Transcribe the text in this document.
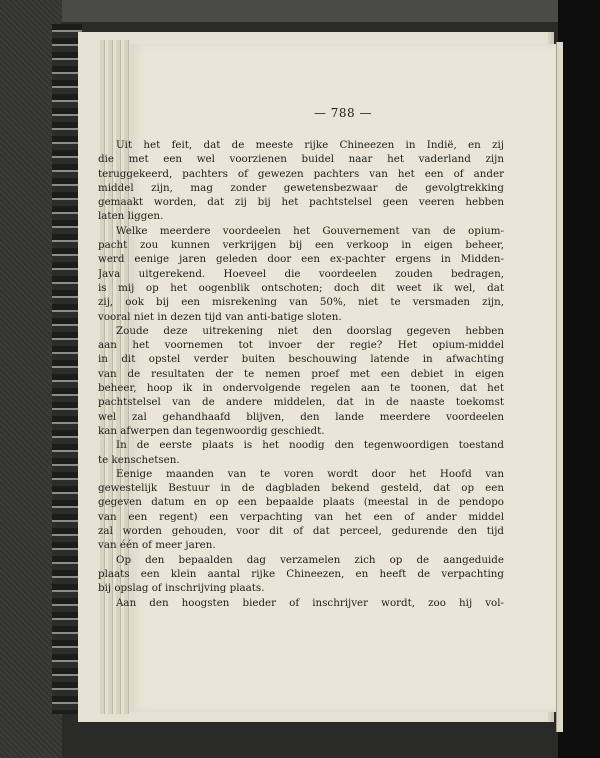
— 788 —
Uit het feit, dat de meeste rijke Chineezen in Indië, en zij
die met een wel voorzienen buidel naar het vaderland zijn
teruggekeerd, pachters of gewezen pachters van het een of ander
middel zijn, mag zonder gewetensbezwaar de gevolgtrekking
gemaakt worden, dat zij bij het pachtstelsel geen veeren hebben
laten liggen.
Welke meerdere voordeelen het Gouvernement van de opium-
pacht zou kunnen verkrijgen bij een verkoop in eigen beheer,
werd eenige jaren geleden door een ex-pachter ergens in Midden-
Java uitgerekend. Hoeveel die voordeelen zouden bedragen,
is mij op het oogenblik ontschoten; doch dit weet ik wel, dat
zij, ook bij een misrekening van 50%, niet te versmaden zijn,
vooral niet in dezen tijd van anti-batige sloten.
Zoude deze uitrekening niet den doorslag gegeven hebben
aan het voornemen tot invoer der regie? Het opium-middel
in dit opstel verder buiten beschouwing latende in afwachting
van de resultaten der te nemen proef met een debiet in eigen
beheer, hoop ik in ondervolgende regelen aan te toonen, dat het
pachtstelsel van de andere middelen, dat in de naaste toekomst
wel zal gehandhaafd blijven, den lande meerdere voordeelen
kan afwerpen dan tegenwoordig geschiedt.
In de eerste plaats is het noodig den tegenwoordigen toestand
te kenschetsen.
Eenige maanden van te voren wordt door het Hoofd van
gewestelijk Bestuur in de dagbladen bekend gesteld, dat op een
gegeven datum en op een bepaalde plaats (meestal in de pendopo
van een regent) een verpachting van het een of ander middel
zal worden gehouden, voor dit of dat perceel, gedurende den tijd
van één of meer jaren.
Op den bepaalden dag verzamelen zich op de aangeduide
plaats een klein aantal rijke Chineezen, en heeft de verpachting
bij opslag of inschrijving plaats.
Aan den hoogsten bieder of inschrijver wordt, zoo hij vol-
